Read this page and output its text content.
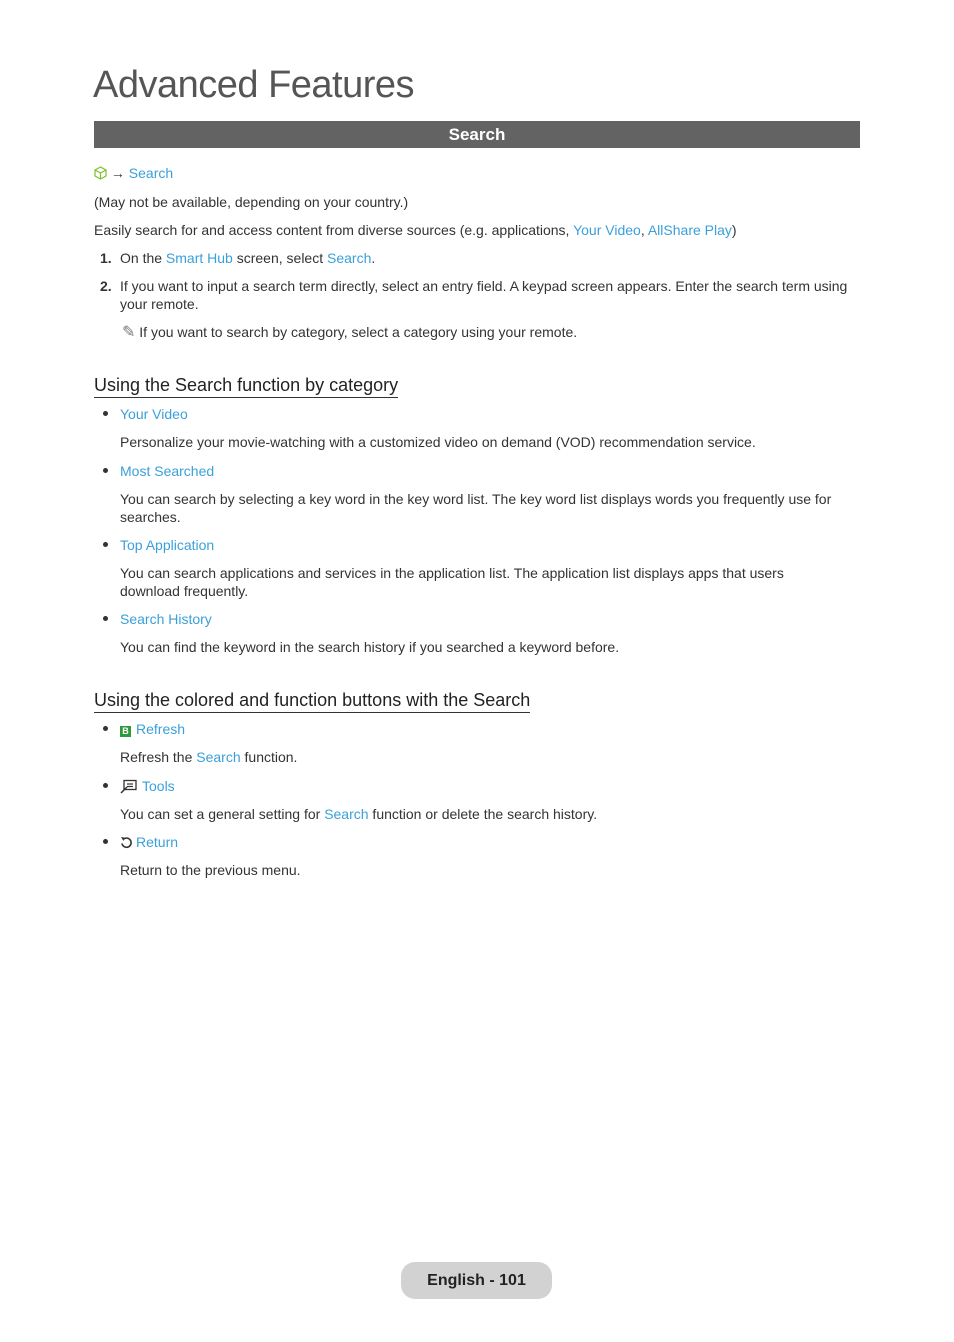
Advanced Features
Search
→ Search
(May not be available, depending on your country.)
Easily search for and access content from diverse sources (e.g. applications, Your Video, AllShare Play)
1. On the Smart Hub screen, select Search.
2. If you want to input a search term directly, select an entry field. A keypad screen appears. Enter the search term using your remote.
✎ If you want to search by category, select a category using your remote.
Using the Search function by category
Your Video
Personalize your movie-watching with a customized video on demand (VOD) recommendation service.
Most Searched
You can search by selecting a key word in the key word list. The key word list displays words you frequently use for searches.
Top Application
You can search applications and services in the application list. The application list displays apps that users download frequently.
Search History
You can find the keyword in the search history if you searched a keyword before.
Using the colored and function buttons with the Search
B Refresh
Refresh the Search function.
Tools
You can set a general setting for Search function or delete the search history.
Return
Return to the previous menu.
English - 101
